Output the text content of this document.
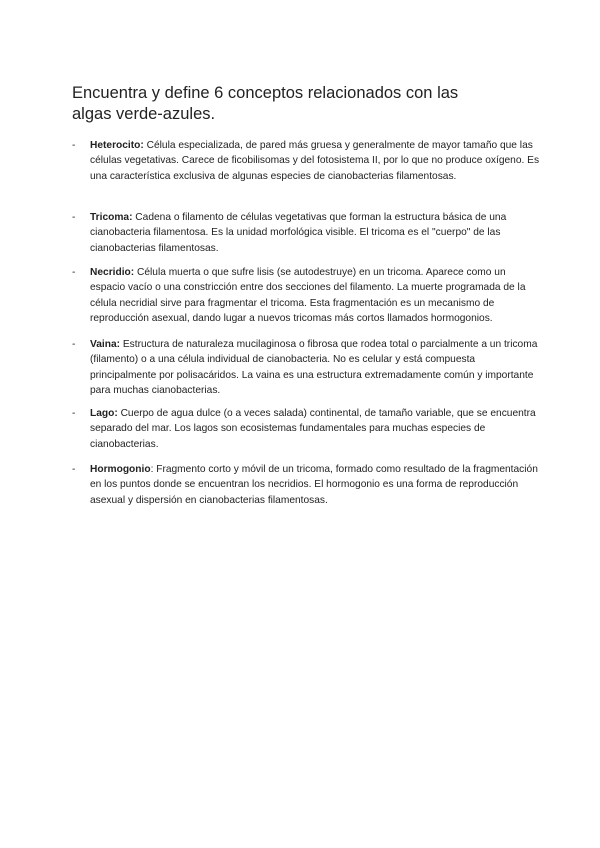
Encuentra y define 6 conceptos relacionados con las algas verde-azules.
- Heterocito: Célula especializada, de pared más gruesa y generalmente de mayor tamaño que las células vegetativas. Carece de ficobilisomas y del fotosistema II, por lo que no produce oxígeno. Es una característica exclusiva de algunas especies de cianobacterias filamentosas.
- Tricoma: Cadena o filamento de células vegetativas que forman la estructura básica de una cianobacteria filamentosa. Es la unidad morfológica visible. El tricoma es el "cuerpo" de las cianobacterias filamentosas.
- Necridio: Célula muerta o que sufre lisis (se autodestruye) en un tricoma. Aparece como un espacio vacío o una constricción entre dos secciones del filamento. La muerte programada de la célula necridial sirve para fragmentar el tricoma. Esta fragmentación es un mecanismo de reproducción asexual, dando lugar a nuevos tricomas más cortos llamados hormogonios.
- Vaina: Estructura de naturaleza mucilaginosa o fibrosa que rodea total o parcialmente a un tricoma (filamento) o a una célula individual de cianobacteria. No es celular y está compuesta principalmente por polisacáridos. La vaina es una estructura extremadamente común y importante para muchas cianobacterias.
- Lago: Cuerpo de agua dulce (o a veces salada) continental, de tamaño variable, que se encuentra separado del mar. Los lagos son ecosistemas fundamentales para muchas especies de cianobacterias.
- Hormogonio: Fragmento corto y móvil de un tricoma, formado como resultado de la fragmentación en los puntos donde se encuentran los necridios. El hormogonio es una forma de reproducción asexual y dispersión en cianobacterias filamentosas.
